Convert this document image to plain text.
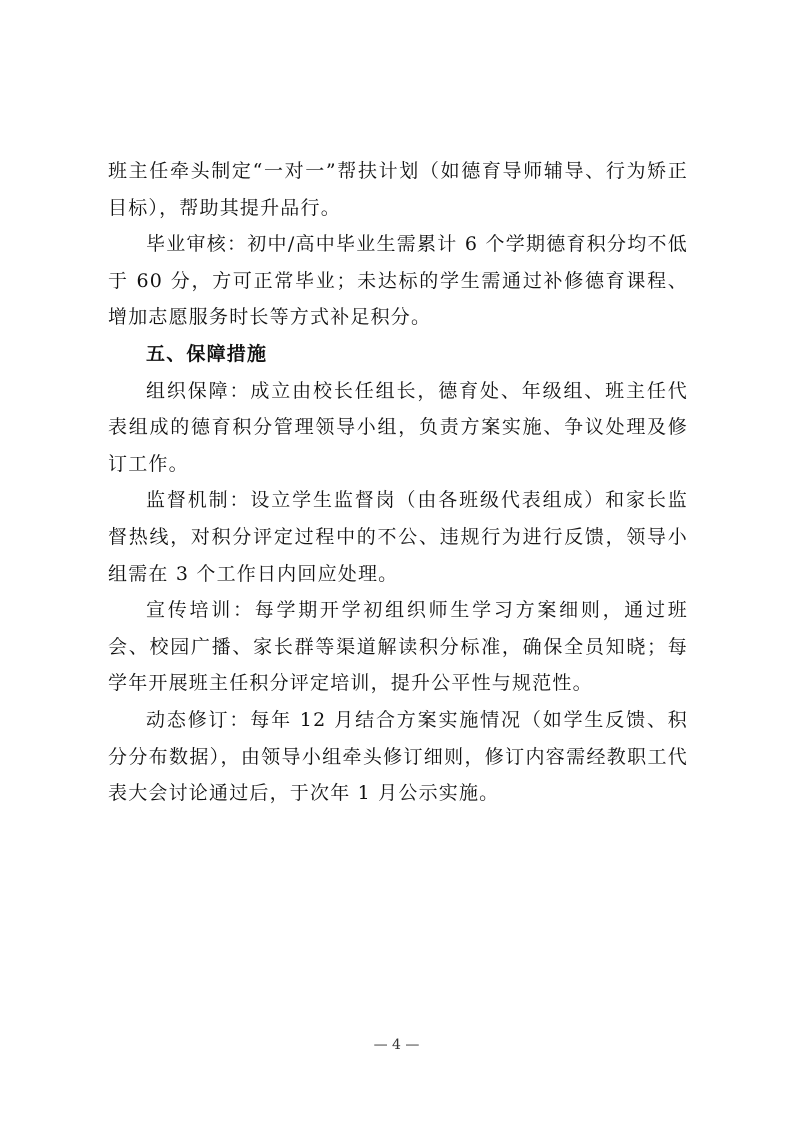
班主任牵头制定“一对一”帮扶计划（如德育导师辅导、行为矫正目标），帮助其提升品行。

毕业审核：初中/高中毕业生需累计 6 个学期德育积分均不低于 60 分，方可正常毕业；未达标的学生需通过补修德育课程、增加志愿服务时长等方式补足积分。

五、保障措施

组织保障：成立由校长任组长，德育处、年级组、班主任代表组成的德育积分管理领导小组，负责方案实施、争议处理及修订工作。

监督机制：设立学生监督岗（由各班级代表组成）和家长监督热线，对积分评定过程中的不公、违规行为进行反馈，领导小组需在 3 个工作日内回应处理。

宣传培训：每学期开学初组织师生学习方案细则，通过班会、校园广播、家长群等渠道解读积分标准，确保全员知晓；每学年开展班主任积分评定培训，提升公平性与规范性。

动态修订：每年 12 月结合方案实施情况（如学生反馈、积分分布数据），由领导小组牵头修订细则，修订内容需经教职工代表大会讨论通过后，于次年 1 月公示实施。

— 4 —
